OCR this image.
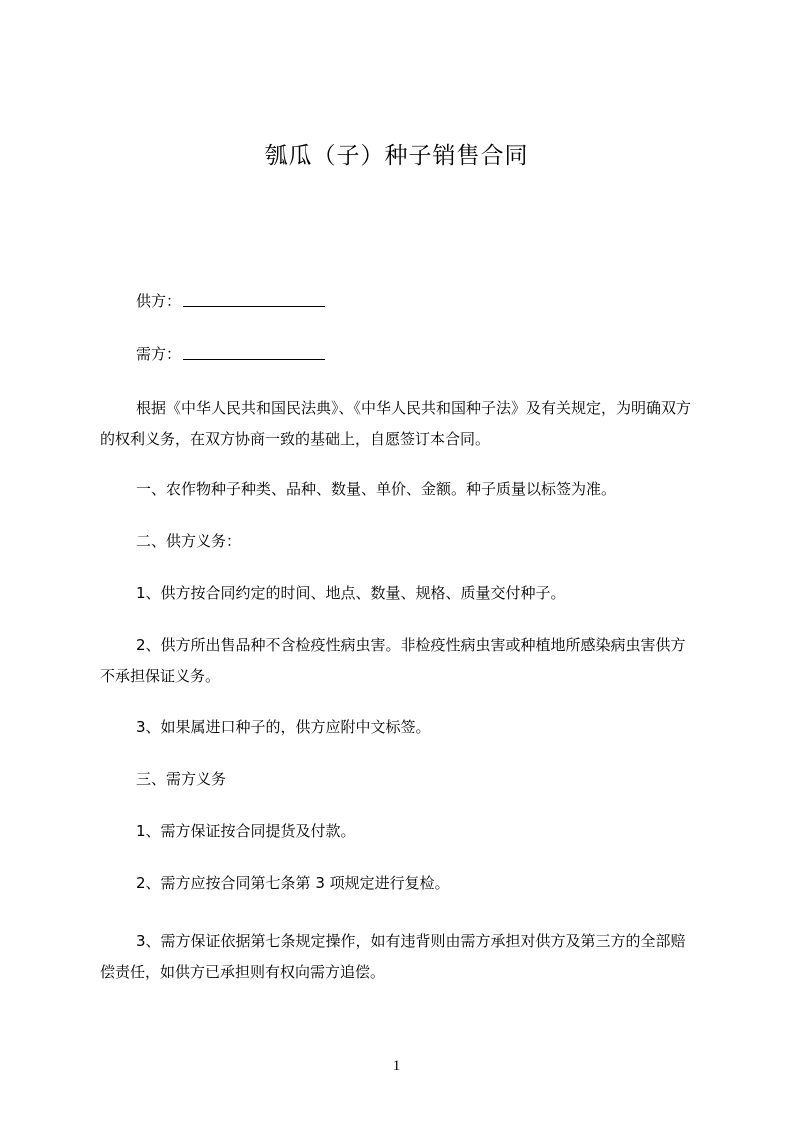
瓠瓜（子）种子销售合同
供方：
需方：

根据《中华人民共和国民法典》、《中华人民共和国种子法》及有关规定，为明确双方的权利义务，在双方协商一致的基础上，自愿签订本合同。

一、农作物种子种类、品种、数量、单价、金额。种子质量以标签为准。

二、供方义务：

1、供方按合同约定的时间、地点、数量、规格、质量交付种子。

2、供方所出售品种不含检疫性病虫害。非检疫性病虫害或种植地所感染病虫害供方不承担保证义务。

3、如果属进口种子的，供方应附中文标签。

三、需方义务

1、需方保证按合同提货及付款。

2、需方应按合同第七条第 3 项规定进行复检。

3、需方保证依据第七条规定操作，如有违背则由需方承担对供方及第三方的全部赔偿责任，如供方已承担则有权向需方追偿。

1
